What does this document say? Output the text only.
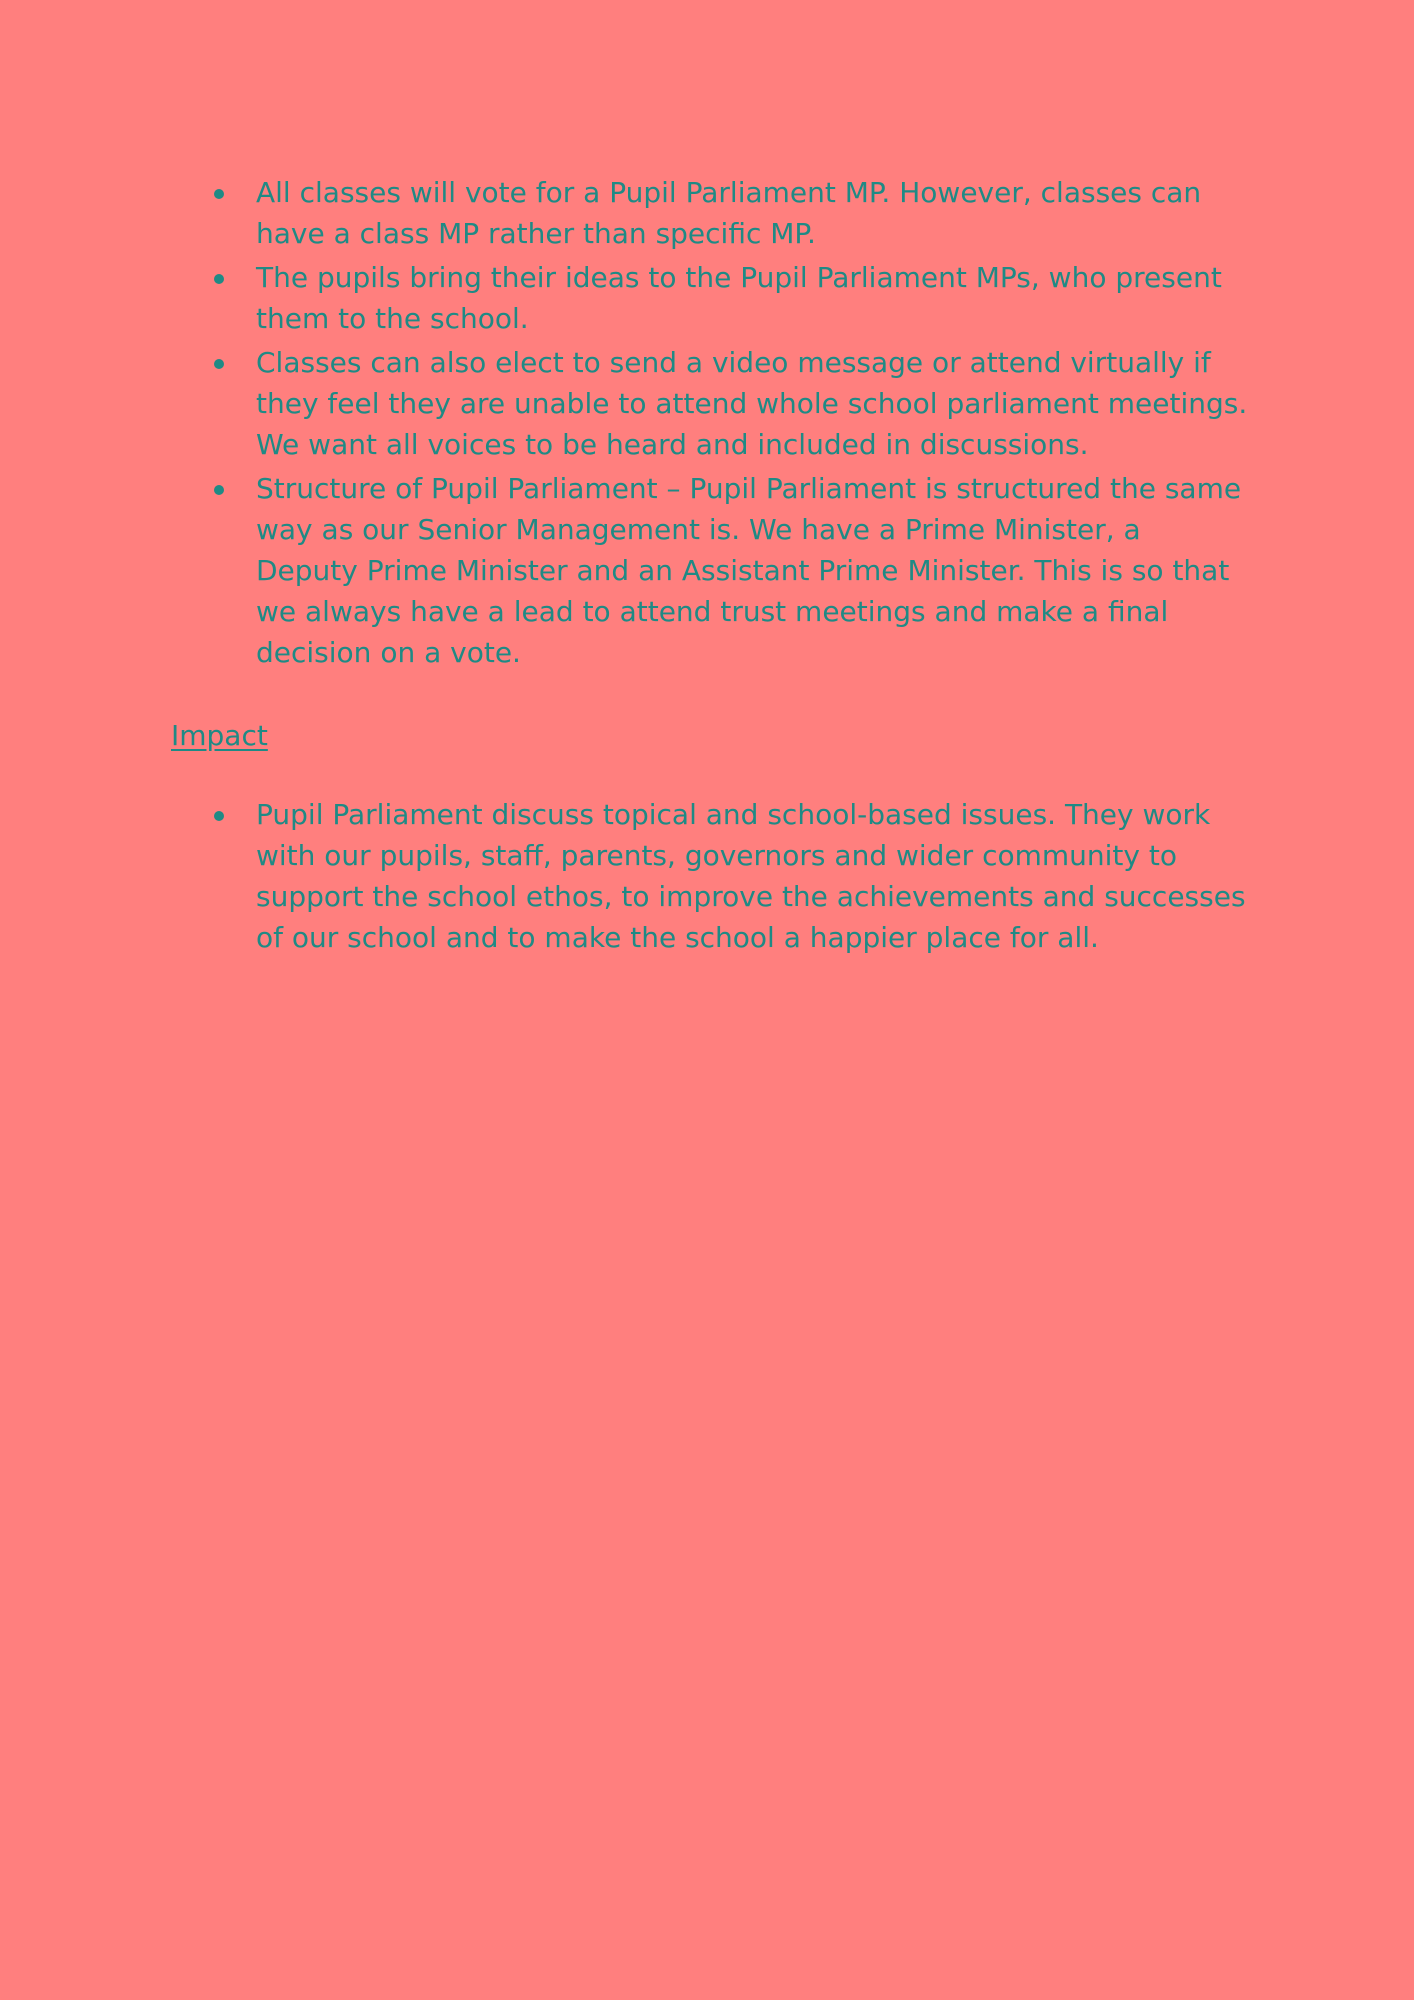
All classes will vote for a Pupil Parliament MP. However, classes can have a class MP rather than specific MP.
The pupils bring their ideas to the Pupil Parliament MPs, who present them to the school.
Classes can also elect to send a video message or attend virtually if they feel they are unable to attend whole school parliament meetings. We want all voices to be heard and included in discussions.
Structure of Pupil Parliament – Pupil Parliament is structured the same way as our Senior Management is. We have a Prime Minister, a Deputy Prime Minister and an Assistant Prime Minister. This is so that we always have a lead to attend trust meetings and make a final decision on a vote.
Impact
Pupil Parliament discuss topical and school-based issues. They work with our pupils, staff, parents, governors and wider community to support the school ethos, to improve the achievements and successes of our school and to make the school a happier place for all.
